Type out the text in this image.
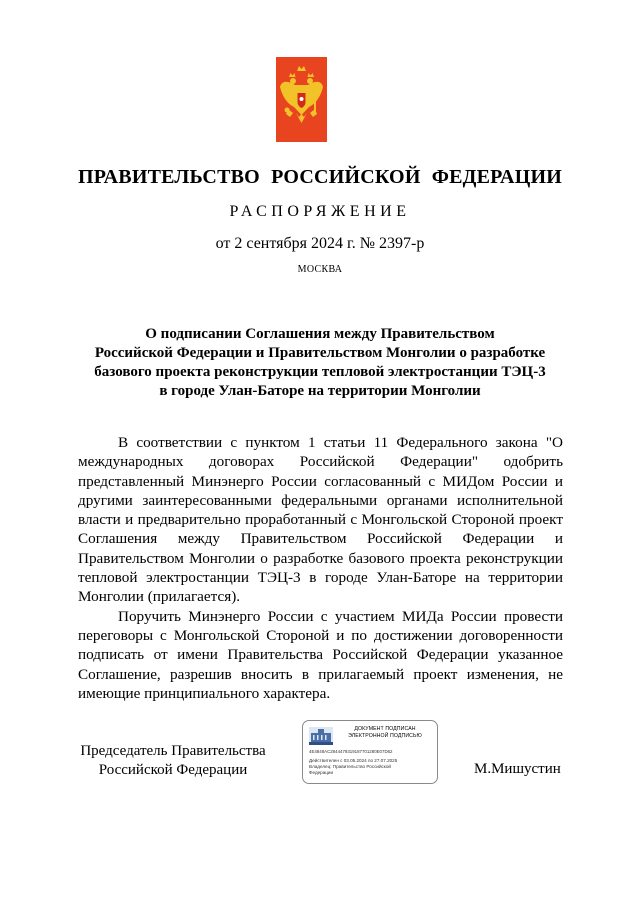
ПРАВИТЕЛЬСТВО РОССИЙСКОЙ ФЕДЕРАЦИИ
РАСПОРЯЖЕНИЕ
от 2 сентября 2024 г. № 2397-р
МОСКВА
О подписании Соглашения между Правительством
Российской Федерации и Правительством Монголии о разработке
базового проекта реконструкции тепловой электростанции ТЭЦ-3
в городе Улан-Баторе на территории Монголии

В соответствии с пунктом 1 статьи 11 Федерального закона "О международных договорах Российской Федерации" одобрить представленный Минэнерго России согласованный с МИДом России и другими заинтересованными федеральными органами исполнительной власти и предварительно проработанный с Монгольской Стороной проект Соглашения между Правительством Российской Федерации и Правительством Монголии о разработке базового проекта реконструкции тепловой электростанции ТЭЦ-3 в городе Улан-Баторе на территории Монголии (прилагается).

Поручить Минэнерго России с участием МИДа России провести переговоры с Монгольской Стороной и по достижении договоренности подписать от имени Правительства Российской Федерации указанное Соглашение, разрешив вносить в прилагаемый проект изменения, не имеющие принципиального характера.

Председатель Правительства
Российской Федерации
ДОКУМЕНТ ПОДПИСАН
ЭЛЕКТРОННОЙ ПОДПИСЬЮ
4E4848AC2844479319187701280E07D62
Действителен с 03.05.2024 по 27.07.2025
Владелец: Правительство Российской
Федерации	М.Мишустин
